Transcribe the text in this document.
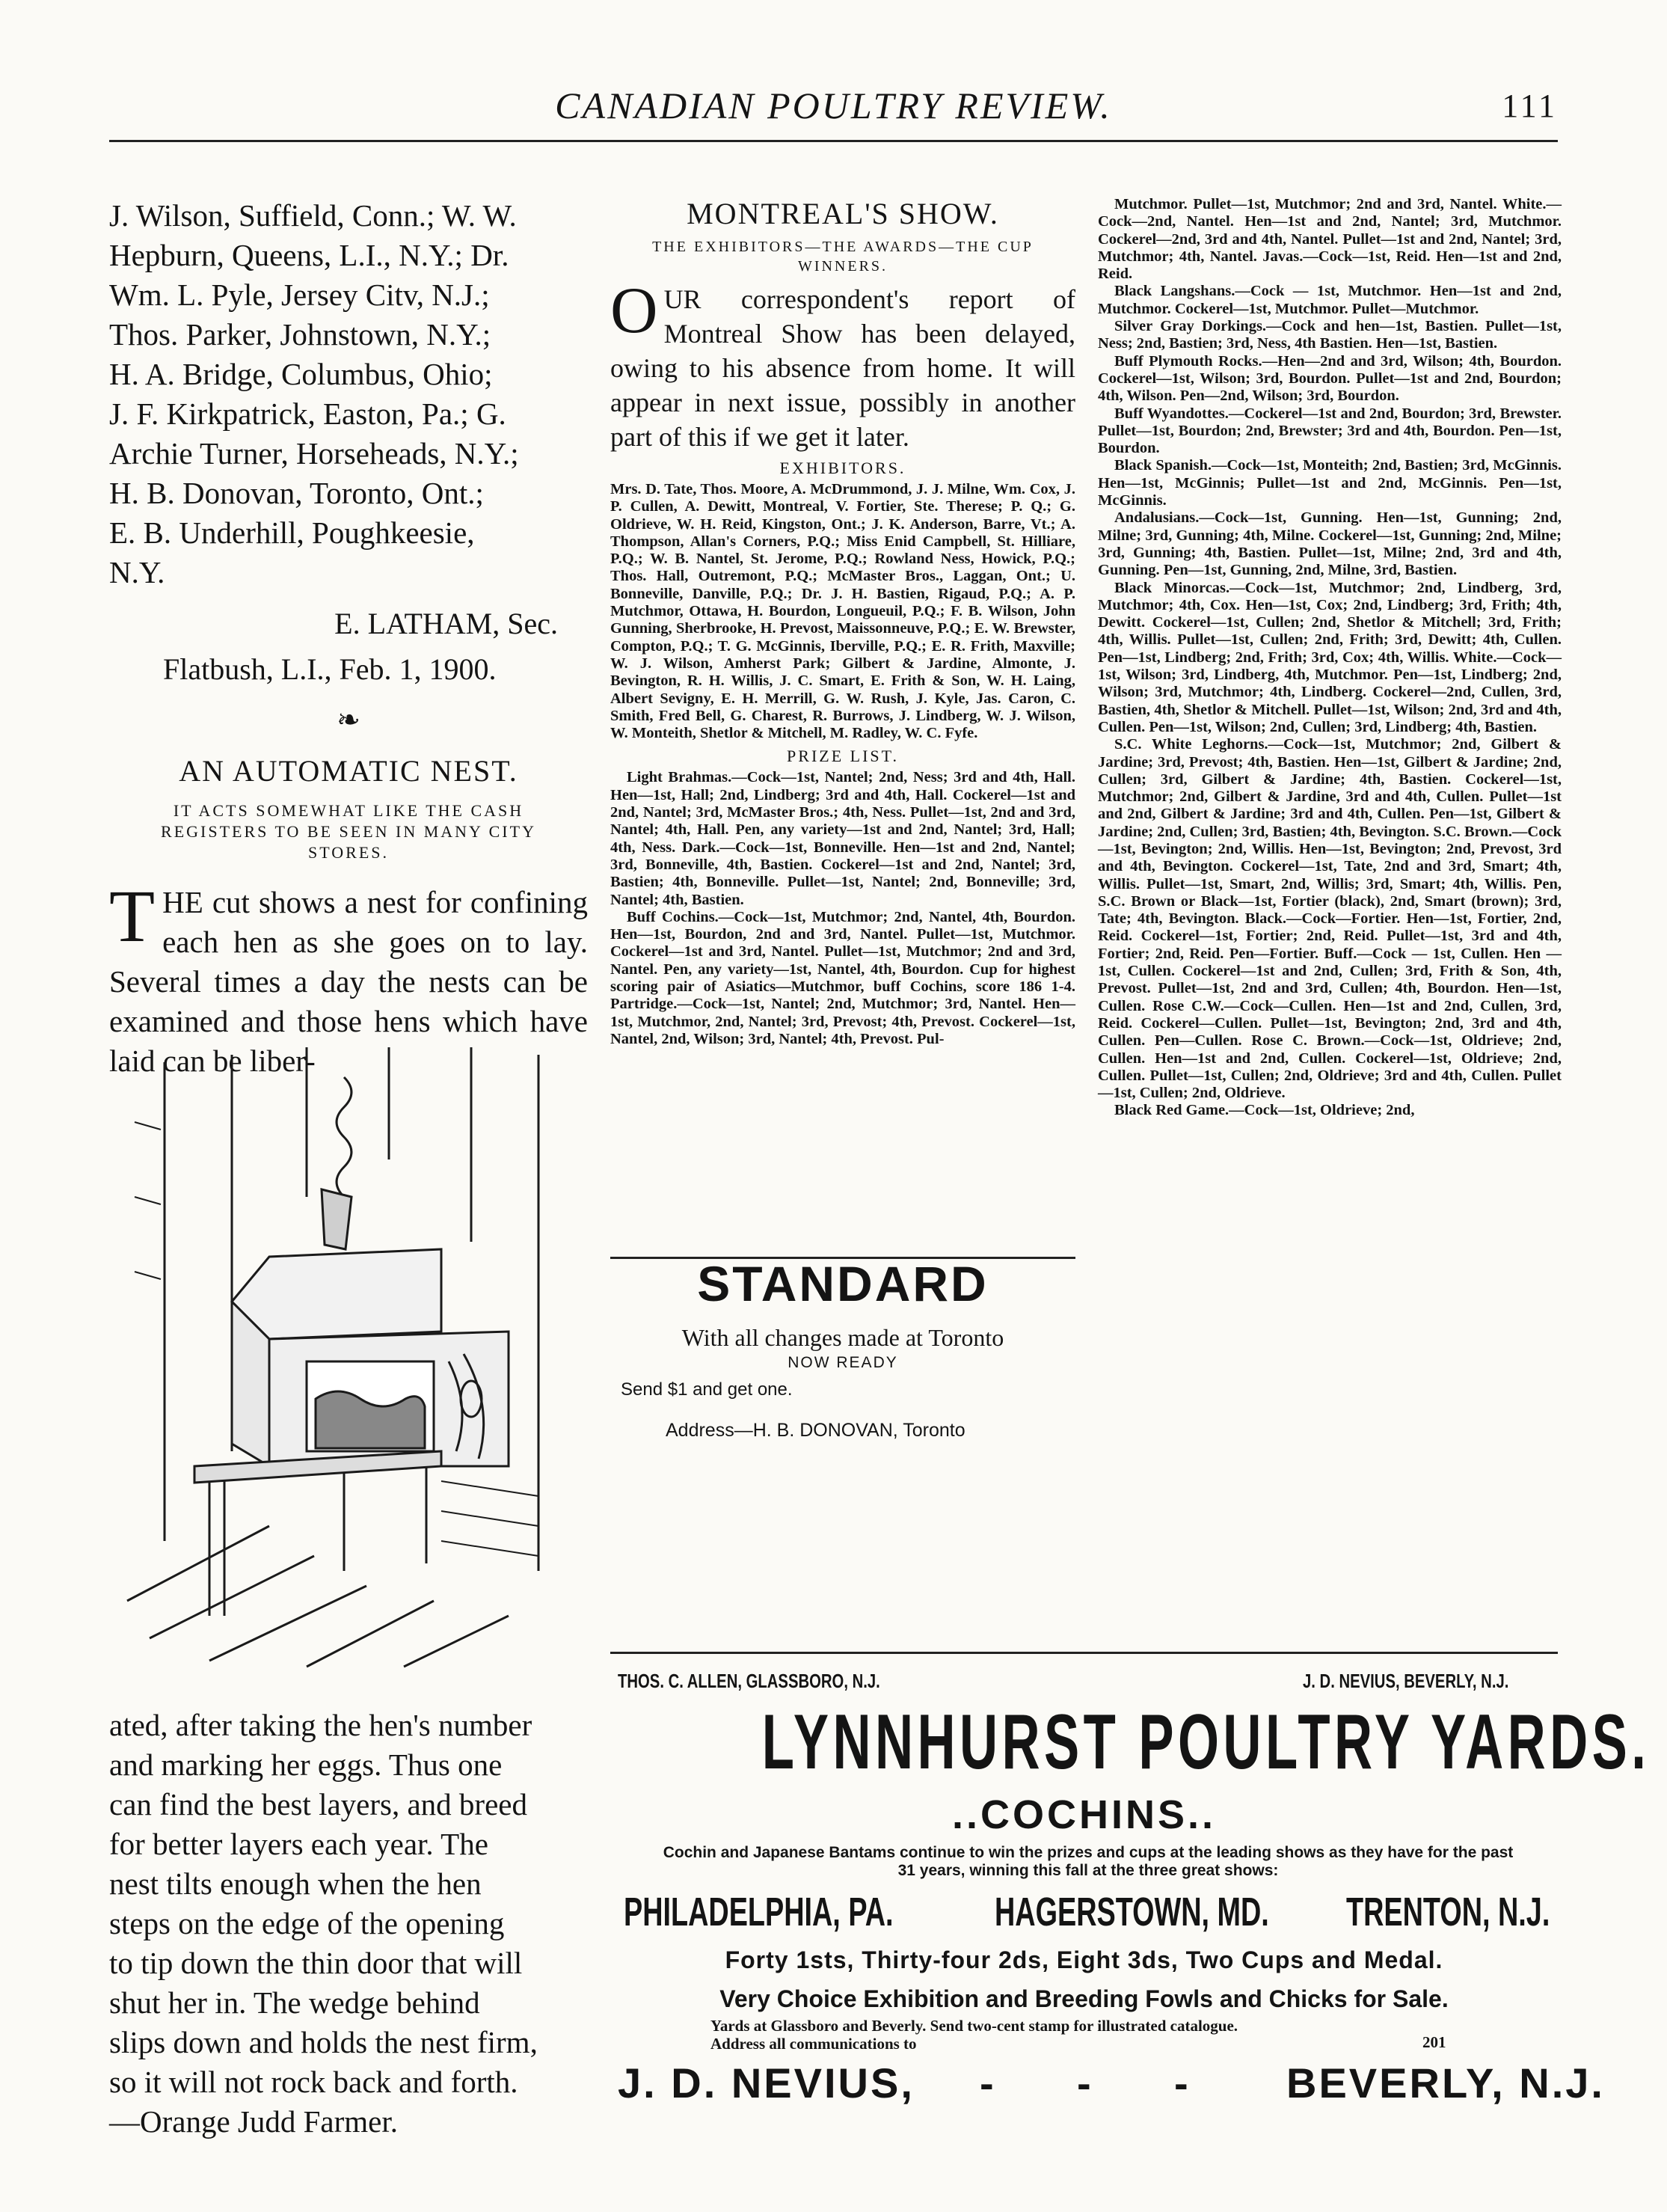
CANADIAN POULTRY REVIEW.	111
J. Wilson, Suffield, Conn.; W. W.
Hepburn, Queens, L.I., N.Y.; Dr.
Wm. L. Pyle, Jersey Citv, N.J.;
Thos. Parker, Johnstown, N.Y.;
H. A. Bridge, Columbus, Ohio;
J. F. Kirkpatrick, Easton, Pa.; G.
Archie Turner, Horseheads, N.Y.;
H. B. Donovan, Toronto, Ont.;
E. B. Underhill, Poughkeesie,
N.Y.
E. LATHAM, Sec.
Flatbush, L.I., Feb. 1, 1900.
❧
AN AUTOMATIC NEST.
IT ACTS SOMEWHAT LIKE THE CASH REGISTERS TO BE SEEN IN MANY CITY STORES.
THE cut shows a nest for confining each hen as she goes on to lay. Several times a day the nests can be examined and those hens which have laid can be liber-
ated, after taking the hen's number
and marking her eggs. Thus one
can find the best layers, and breed
for better layers each year. The
nest tilts enough when the hen
steps on the edge of the opening
to tip down the thin door that will
shut her in. The wedge behind
slips down and holds the nest firm,
so it will not rock back and forth.
—Orange Judd Farmer.
MONTREAL'S SHOW.
THE EXHIBITORS—THE AWARDS—THE CUP WINNERS.
OUR correspondent's report of Montreal Show has been delayed, owing to his absence from home. It will appear in next issue, possibly in another part of this if we get it later.
EXHIBITORS.
Mrs. D. Tate, Thos. Moore, A. McDrummond, J. J. Milne, Wm. Cox, J. P. Cullen, A. Dewitt, Montreal, V. Fortier, Ste. Therese; P. Q.; G. Oldrieve, W. H. Reid, Kingston, Ont.; J. K. Anderson, Barre, Vt.; A. Thompson, Allan's Corners, P.Q.; Miss Enid Campbell, St. Hilliare, P.Q.; W. B. Nantel, St. Jerome, P.Q.; Rowland Ness, Howick, P.Q.; Thos. Hall, Outremont, P.Q.; McMaster Bros., Laggan, Ont.; U. Bonneville, Danville, P.Q.; Dr. J. H. Bastien, Rigaud, P.Q.; A. P. Mutchmor, Ottawa, H. Bourdon, Longueuil, P.Q.; F. B. Wilson, John Gunning, Sherbrooke, H. Prevost, Maissonneuve, P.Q.; E. W. Brewster, Compton, P.Q.; T. G. McGinnis, Iberville, P.Q.; E. R. Frith, Maxville; W. J. Wilson, Amherst Park; Gilbert & Jardine, Almonte, J. Bevington, R. H. Willis, J. C. Smart, E. Frith & Son, W. H. Laing, Albert Sevigny, E. H. Merrill, G. W. Rush, J. Kyle, Jas. Caron, C. Smith, Fred Bell, G. Charest, R. Burrows, J. Lindberg, W. J. Wilson, W. Monteith, Shetlor & Mitchell, M. Radley, W. C. Fyfe.
PRIZE LIST.
Light Brahmas.—Cock—1st, Nantel; 2nd, Ness; 3rd and 4th, Hall. Hen—1st, Hall; 2nd, Lindberg; 3rd and 4th, Hall. Cockerel—1st and 2nd, Nantel; 3rd, McMaster Bros.; 4th, Ness. Pullet—1st, 2nd and 3rd, Nantel; 4th, Hall. Pen, any variety—1st and 2nd, Nantel; 3rd, Hall; 4th, Ness. Dark.—Cock—1st, Bonneville. Hen—1st and 2nd, Nantel; 3rd, Bonneville, 4th, Bastien. Cockerel—1st and 2nd, Nantel; 3rd, Bastien; 4th, Bonneville. Pullet—1st, Nantel; 2nd, Bonneville; 3rd, Nantel; 4th, Bastien.
Buff Cochins.—Cock—1st, Mutchmor; 2nd, Nantel, 4th, Bourdon. Hen—1st, Bourdon, 2nd and 3rd, Nantel. Pullet—1st, Mutchmor. Cockerel—1st and 3rd, Nantel. Pullet—1st, Mutchmor; 2nd and 3rd, Nantel. Pen, any variety—1st, Nantel, 4th, Bourdon. Cup for highest scoring pair of Asiatics—Mutchmor, buff Cochins, score 186 1-4. Partridge.—Cock—1st, Nantel; 2nd, Mutchmor; 3rd, Nantel. Hen—1st, Mutchmor, 2nd, Nantel; 3rd, Prevost; 4th, Prevost. Cockerel—1st, Nantel, 2nd, Wilson; 3rd, Nantel; 4th, Prevost. Pul-
STANDARD
With all changes made at Toronto
NOW READY
Send $1 and get one.
Address—H. B. DONOVAN, Toronto
Mutchmor. Pullet—1st, Mutchmor; 2nd and 3rd, Nantel. White.—Cock—2nd, Nantel. Hen—1st and 2nd, Nantel; 3rd, Mutchmor. Cockerel—2nd, 3rd and 4th, Nantel. Pullet—1st and 2nd, Nantel; 3rd, Mutchmor; 4th, Nantel. Javas.—Cock—1st, Reid. Hen—1st and 2nd, Reid.
Black Langshans.—Cock — 1st, Mutchmor. Hen—1st and 2nd, Mutchmor. Cockerel—1st, Mutchmor. Pullet—Mutchmor.
Silver Gray Dorkings.—Cock and hen—1st, Bastien. Pullet—1st, Ness; 2nd, Bastien; 3rd, Ness, 4th Bastien. Hen—1st, Bastien.
Buff Plymouth Rocks.—Hen—2nd and 3rd, Wilson; 4th, Bourdon. Cockerel—1st, Wilson; 3rd, Bourdon. Pullet—1st and 2nd, Bourdon; 4th, Wilson. Pen—2nd, Wilson; 3rd, Bourdon.
Buff Wyandottes.—Cockerel—1st and 2nd, Bourdon; 3rd, Brewster. Pullet—1st, Bourdon; 2nd, Brewster; 3rd and 4th, Bourdon. Pen—1st, Bourdon.
Black Spanish.—Cock—1st, Monteith; 2nd, Bastien; 3rd, McGinnis. Hen—1st, McGinnis; Pullet—1st and 2nd, McGinnis. Pen—1st, McGinnis.
Andalusians.—Cock—1st, Gunning. Hen—1st, Gunning; 2nd, Milne; 3rd, Gunning; 4th, Milne. Cockerel—1st, Gunning; 2nd, Milne; 3rd, Gunning; 4th, Bastien. Pullet—1st, Milne; 2nd, 3rd and 4th, Gunning. Pen—1st, Gunning, 2nd, Milne, 3rd, Bastien.
Black Minorcas.—Cock—1st, Mutchmor; 2nd, Lindberg, 3rd, Mutchmor; 4th, Cox. Hen—1st, Cox; 2nd, Lindberg; 3rd, Frith; 4th, Dewitt. Cockerel—1st, Cullen; 2nd, Shetlor & Mitchell; 3rd, Frith; 4th, Willis. Pullet—1st, Cullen; 2nd, Frith; 3rd, Dewitt; 4th, Cullen. Pen—1st, Lindberg; 2nd, Frith; 3rd, Cox; 4th, Willis. White.—Cock—1st, Wilson; 3rd, Lindberg, 4th, Mutchmor. Pen—1st, Lindberg; 2nd, Wilson; 3rd, Mutchmor; 4th, Lindberg. Cockerel—2nd, Cullen, 3rd, Bastien, 4th, Shetlor & Mitchell. Pullet—1st, Wilson; 2nd, 3rd and 4th, Cullen. Pen—1st, Wilson; 2nd, Cullen; 3rd, Lindberg; 4th, Bastien.
S.C. White Leghorns.—Cock—1st, Mutchmor; 2nd, Gilbert & Jardine; 3rd, Prevost; 4th, Bastien. Hen—1st, Gilbert & Jardine; 2nd, Cullen; 3rd, Gilbert & Jardine; 4th, Bastien. Cockerel—1st, Mutchmor; 2nd, Gilbert & Jardine, 3rd and 4th, Cullen. Pullet—1st and 2nd, Gilbert & Jardine; 3rd and 4th, Cullen. Pen—1st, Gilbert & Jardine; 2nd, Cullen; 3rd, Bastien; 4th, Bevington. S.C. Brown.—Cock—1st, Bevington; 2nd, Willis. Hen—1st, Bevington; 2nd, Prevost, 3rd and 4th, Bevington. Cockerel—1st, Tate, 2nd and 3rd, Smart; 4th, Willis. Pullet—1st, Smart, 2nd, Willis; 3rd, Smart; 4th, Willis. Pen, S.C. Brown or Black—1st, Fortier (black), 2nd, Smart (brown); 3rd, Tate; 4th, Bevington. Black.—Cock—Fortier. Hen—1st, Fortier, 2nd, Reid. Cockerel—1st, Fortier; 2nd, Reid. Pullet—1st, 3rd and 4th, Fortier; 2nd, Reid. Pen—Fortier. Buff.—Cock — 1st, Cullen. Hen — 1st, Cullen. Cockerel—1st and 2nd, Cullen; 3rd, Frith & Son, 4th, Prevost. Pullet—1st, 2nd and 3rd, Cullen; 4th, Bourdon. Hen—1st, Cullen. Rose C.W.—Cock—Cullen. Hen—1st and 2nd, Cullen, 3rd, Reid. Cockerel—Cullen. Pullet—1st, Bevington; 2nd, 3rd and 4th, Cullen. Pen—Cullen. Rose C. Brown.—Cock—1st, Oldrieve; 2nd, Cullen. Hen—1st and 2nd, Cullen. Cockerel—1st, Oldrieve; 2nd, Cullen. Pullet—1st, Cullen; 2nd, Oldrieve; 3rd and 4th, Cullen. Pullet—1st, Cullen; 2nd, Oldrieve.
Black Red Game.—Cock—1st, Oldrieve; 2nd,
THOS. C. ALLEN, GLASSBORO, N.J.	J. D. NEVIUS, BEVERLY, N.J.
LYNNHURST POULTRY YARDS.
..COCHINS..
Cochin and Japanese Bantams continue to win the prizes and cups at the leading shows as they have for the past 31 years, winning this fall at the three great shows:
PHILADELPHIA, PA.	HAGERSTOWN, MD. TRENTON, N.J.
Forty 1sts, Thirty-four 2ds, Eight 3ds, Two Cups and Medal.
Very Choice Exhibition and Breeding Fowls and Chicks for Sale.
Yards at Glassboro and Beverly. Send two-cent stamp for illustrated catalogue.
Address all communications to	201
J. D. NEVIUS, - - - BEVERLY, N.J.
